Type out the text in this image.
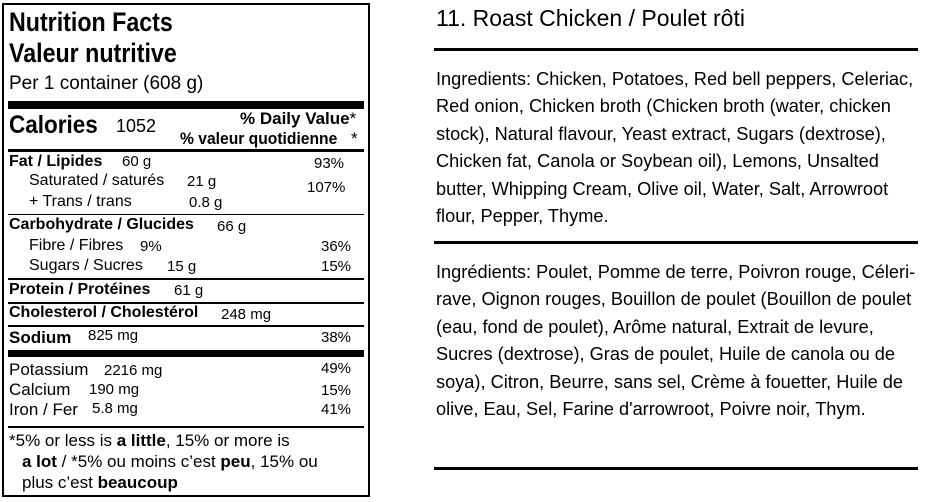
Nutrition Facts
Valeur nutritive
Per 1 container (608 g)
Calories	1052	% Daily Value*
% valeur quotidienne *
Fat / Lipides 60 g	93%
Saturated / saturés 21 g	107%
+ Trans / trans	0.8 g
Carbohydrate / Glucides 66 g
Fibre / Fibres 9%	36%
Sugars / Sucres 15 g	15%
Protein / Protéines 61 g
Cholesterol / Cholestérol 248 mg
Sodium 825 mg	38%
Potassium 2216 mg	49%
Calcium 190 mg	15%
Iron / Fer 5.8 mg	41%
*5% or less is a little, 15% or more is
a lot / *5% ou moins c’est peu, 15% ou
plus c’est beaucoup
11. Roast Chicken / Poulet rôti
Ingredients: Chicken, Potatoes, Red bell peppers, Celeriac, Red onion, Chicken broth (Chicken broth (water, chicken stock), Natural flavour, Yeast extract, Sugars (dextrose), Chicken fat, Canola or Soybean oil), Lemons, Unsalted butter, Whipping Cream, Olive oil, Water, Salt, Arrowroot flour, Pepper, Thyme.
Ingrédients: Poulet, Pomme de terre, Poivron rouge, Céleri-rave, Oignon rouges, Bouillon de poulet (Bouillon de poulet (eau, fond de poulet), Arôme natural, Extrait de levure, Sucres (dextrose), Gras de poulet, Huile de canola ou de soya), Citron, Beurre, sans sel, Crème à fouetter, Huile de olive, Eau, Sel, Farine d'arrowroot, Poivre noir, Thym.
